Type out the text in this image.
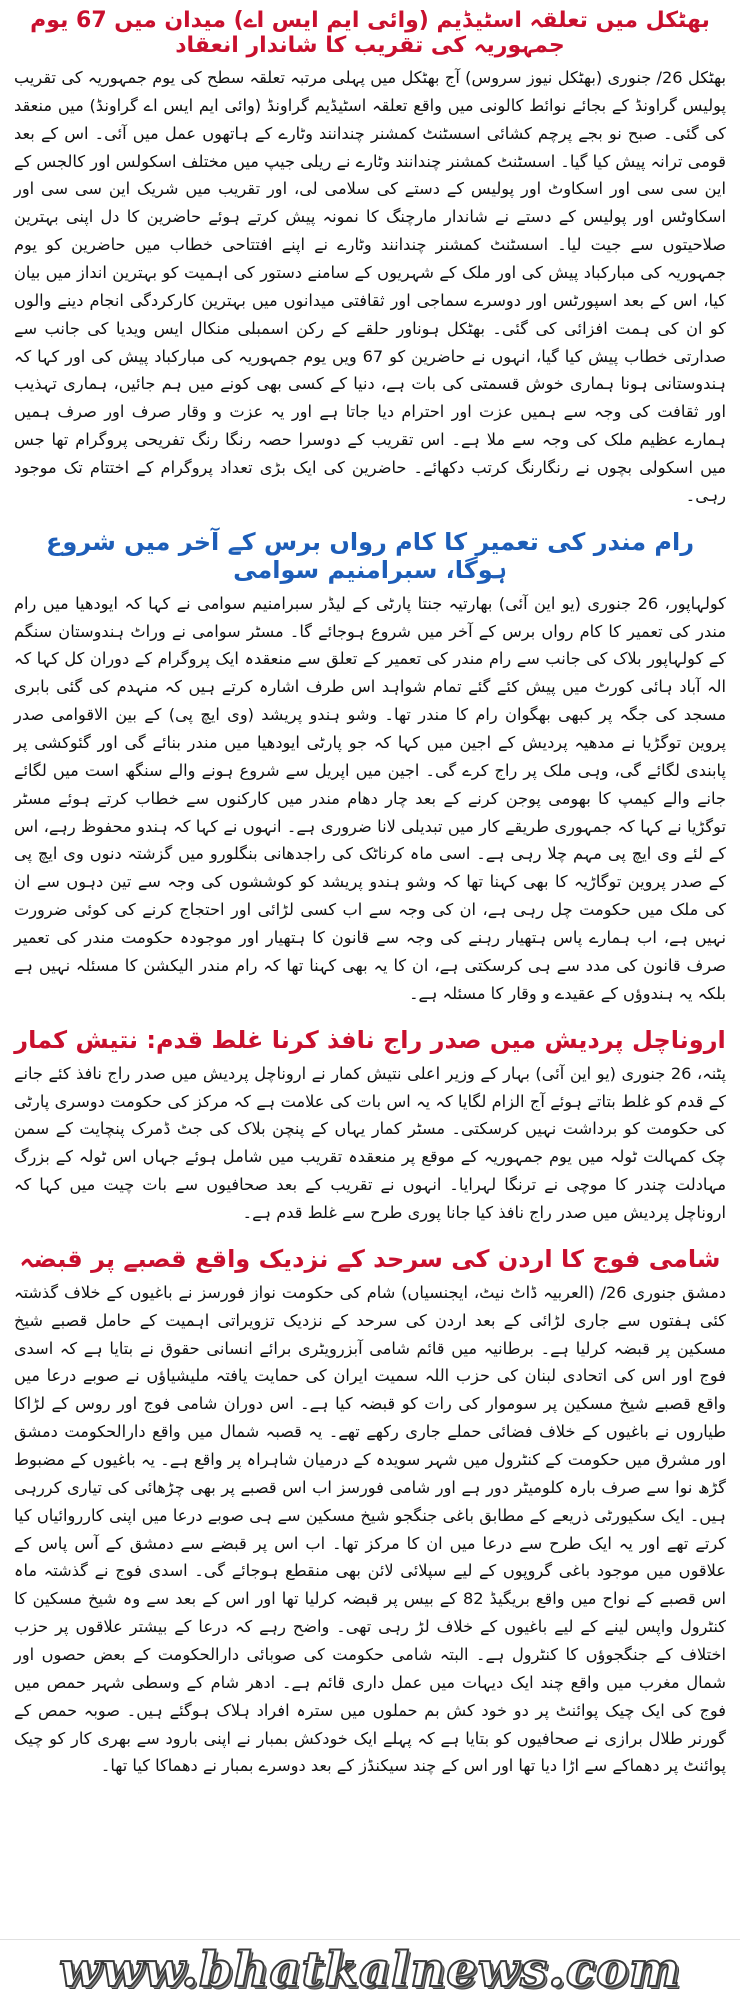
بھٹکل میں تعلقہ اسٹیڈیم (وائی ایم ایس اے) میدان میں 67 یوم جمہوریہ کی تقریب کا شاندار انعقاد

بھٹکل 26/ جنوری (بھٹکل نیوز سروس) آج بھٹکل میں پہلی مرتبہ تعلقہ سطح کی یوم جمہوریہ کی تقریب پولیس گراونڈ کے بجائے نوائط کالونی میں واقع تعلقہ اسٹیڈیم گراونڈ (وائی ایم ایس اے گراونڈ) میں منعقد کی گئی۔ صبح نو بجے پرچم کشائی اسسٹنٹ کمشنر چندانند وٹارے کے ہاتھوں عمل میں آئی۔ اس کے بعد قومی ترانہ پیش کیا گیا۔ اسسٹنٹ کمشنر چندانند وٹارے نے ریلی جیپ میں مختلف اسکولس اور کالجس کے این سی سی اور اسکاوٹ اور پولیس کے دستے کی سلامی لی، اور تقریب میں شریک این سی سی اور اسکاوٹس اور پولیس کے دستے نے شاندار مارچنگ کا نمونہ پیش کرتے ہوئے حاضرین کا دل اپنی بہترین صلاحیتوں سے جیت لیا۔ اسسٹنٹ کمشنر چندانند وٹارے نے اپنے افتتاحی خطاب میں حاضرین کو یوم جمہوریہ کی مبارکباد پیش کی اور ملک کے شہریوں کے سامنے دستور کی اہمیت کو بہترین انداز میں بیان کیا، اس کے بعد اسپورٹس اور دوسرے سماجی اور ثقافتی میدانوں میں بہترین کارکردگی انجام دینے والوں کو ان کی ہمت افزائی کی گئی۔ بھٹکل ہوناور حلقے کے رکن اسمبلی منکال ایس ویدیا کی جانب سے صدارتی خطاب پیش کیا گیا، انہوں نے حاضرین کو 67 ویں یوم جمہوریہ کی مبارکباد پیش کی اور کہا کہ ہندوستانی ہونا ہماری خوش قسمتی کی بات ہے، دنیا کے کسی بھی کونے میں ہم جائیں، ہماری تہذیب اور ثقافت کی وجہ سے ہمیں عزت اور احترام دیا جاتا ہے اور یہ عزت و وقار صرف اور صرف ہمیں ہمارے عظیم ملک کی وجہ سے ملا ہے۔ اس تقریب کے دوسرا حصہ رنگا رنگ تفریحی پروگرام تھا جس میں اسکولی بچوں نے رنگارنگ کرتب دکھائے۔ حاضرین کی ایک بڑی تعداد پروگرام کے اختتام تک موجود رہی۔

رام مندر کی تعمیر کا کام رواں برس کے آخر میں شروع ہوگا، سبرامنیم سوامی

کولہاپور، 26 جنوری (یو این آئی) بھارتیہ جنتا پارٹی کے لیڈر سبرامنیم سوامی نے کہا کہ ایودھیا میں رام مندر کی تعمیر کا کام رواں برس کے آخر میں شروع ہوجائے گا۔ مسٹر سوامی نے وراٹ ہندوستان سنگم کے کولہاپور بلاک کی جانب سے رام مندر کی تعمیر کے تعلق سے منعقدہ ایک پروگرام کے دوران کل کہا کہ الہ آباد ہائی کورٹ میں پیش کئے گئے تمام شواہد اس طرف اشارہ کرتے ہیں کہ منہدم کی گئی بابری مسجد کی جگہ پر کبھی بھگوان رام کا مندر تھا۔ وشو ہندو پریشد (وی ایچ پی) کے بین الاقوامی صدر پروین توگڑیا نے مدھیہ پردیش کے اجین میں کہا کہ جو پارٹی ایودھیا میں مندر بنائے گی اور گئوکشی پر پابندی لگائے گی، وہی ملک پر راج کرے گی۔ اجین میں اپریل سے شروع ہونے والے سنگھ است میں لگائے جانے والے کیمپ کا بھومی پوجن کرنے کے بعد چار دھام مندر میں کارکنوں سے خطاب کرتے ہوئے مسٹر توگڑیا نے کہا کہ جمہوری طریقے کار میں تبدیلی لانا ضروری ہے۔ انہوں نے کہا کہ ہندو محفوظ رہے، اس کے لئے وی ایچ پی مہم چلا رہی ہے۔ اسی ماہ کرناٹک کی راجدھانی بنگلورو میں گزشتہ دنوں وی ایچ پی کے صدر پروین توگاڑیہ کا بھی کہنا تھا کہ وشو ہندو پریشد کو کوششوں کی وجہ سے تین دہوں سے ان کی ملک میں حکومت چل رہی ہے، ان کی وجہ سے اب کسی لڑائی اور احتجاج کرنے کی کوئی ضرورت نہیں ہے، اب ہمارے پاس ہتھیار رہنے کی وجہ سے قانون کا ہتھیار اور موجودہ حکومت مندر کی تعمیر صرف قانون کی مدد سے ہی کرسکتی ہے، ان کا یہ بھی کہنا تھا کہ رام مندر الیکشن کا مسئلہ نہیں ہے بلکہ یہ ہندوؤں کے عقیدے و وقار کا مسئلہ ہے۔

اروناچل پردیش میں صدر راج نافذ کرنا غلط قدم: نتیش کمار

پٹنہ، 26 جنوری (یو این آئی) بہار کے وزیر اعلی نتیش کمار نے اروناچل پردیش میں صدر راج نافذ کئے جانے کے قدم کو غلط بتاتے ہوئے آج الزام لگایا کہ یہ اس بات کی علامت ہے کہ مرکز کی حکومت دوسری پارٹی کی حکومت کو برداشت نہیں کرسکتی۔ مسٹر کمار یہاں کے پنچن بلاک کی جٹ ڈمرک پنچایت کے سمن چک کمہالت ٹولہ میں یوم جمہوریہ کے موقع پر منعقدہ تقریب میں شامل ہوئے جہاں اس ٹولہ کے بزرگ مہادلت چندر کا موچی نے ترنگا لہرایا۔ انہوں نے تقریب کے بعد صحافیوں سے بات چیت میں کہا کہ اروناچل پردیش میں صدر راج نافذ کیا جانا پوری طرح سے غلط قدم ہے۔

شامی فوج کا اردن کی سرحد کے نزدیک واقع قصبے پر قبضہ

دمشق جنوری 26/ (العربیہ ڈاٹ نیٹ، ایجنسیاں) شام کی حکومت نواز فورسز نے باغیوں کے خلاف گذشتہ کئی ہفتوں سے جاری لڑائی کے بعد اردن کی سرحد کے نزدیک تزویراتی اہمیت کے حامل قصبے شیخ مسکین پر قبضہ کرلیا ہے۔ برطانیہ میں قائم شامی آبزرویٹری برائے انسانی حقوق نے بتایا ہے کہ اسدی فوج اور اس کی اتحادی لبنان کی حزب اللہ سمیت ایران کی حمایت یافتہ ملیشیاؤں نے صوبے درعا میں واقع قصبے شیخ مسکین پر سوموار کی رات کو قبضہ کیا ہے۔ اس دوران شامی فوج اور روس کے لڑاکا طیاروں نے باغیوں کے خلاف فضائی حملے جاری رکھے تھے۔ یہ قصبہ شمال میں واقع دارالحکومت دمشق اور مشرق میں حکومت کے کنٹرول میں شہر سویدہ کے درمیان شاہراہ پر واقع ہے۔ یہ باغیوں کے مضبوط گڑھ نوا سے صرف بارہ کلومیٹر دور ہے اور شامی فورسز اب اس قصبے پر بھی چڑھائی کی تیاری کررہی ہیں۔ ایک سکیورٹی ذریعے کے مطابق باغی جنگجو شیخ مسکین سے ہی صوبے درعا میں اپنی کارروائیاں کیا کرتے تھے اور یہ ایک طرح سے درعا میں ان کا مرکز تھا۔ اب اس پر قبضے سے دمشق کے آس پاس کے علاقوں میں موجود باغی گروپوں کے لیے سپلائی لائن بھی منقطع ہوجائے گی۔ اسدی فوج نے گذشتہ ماہ اس قصبے کے نواح میں واقع بریگیڈ 82 کے بیس پر قبضہ کرلیا تھا اور اس کے بعد سے وہ شیخ مسکین کا کنٹرول واپس لینے کے لیے باغیوں کے خلاف لڑ رہی تھی۔ واضح رہے کہ درعا کے بیشتر علاقوں پر حزب اختلاف کے جنگجوؤں کا کنٹرول ہے۔ البتہ شامی حکومت کی صوبائی دارالحکومت کے بعض حصوں اور شمال مغرب میں واقع چند ایک دیہات میں عمل داری قائم ہے۔ ادھر شام کے وسطی شہر حمص میں فوج کی ایک چیک پوائنٹ پر دو خود کش بم حملوں میں سترہ افراد ہلاک ہوگئے ہیں۔ صوبہ حمص کے گورنر طلال برازی نے صحافیوں کو بتایا ہے کہ پہلے ایک خودکش بمبار نے اپنی بارود سے بھری کار کو چیک پوائنٹ پر دھماکے سے اڑا دیا تھا اور اس کے چند سیکنڈز کے بعد دوسرے بمبار نے دھماکا کیا تھا۔

www.bhatkalnews.com
